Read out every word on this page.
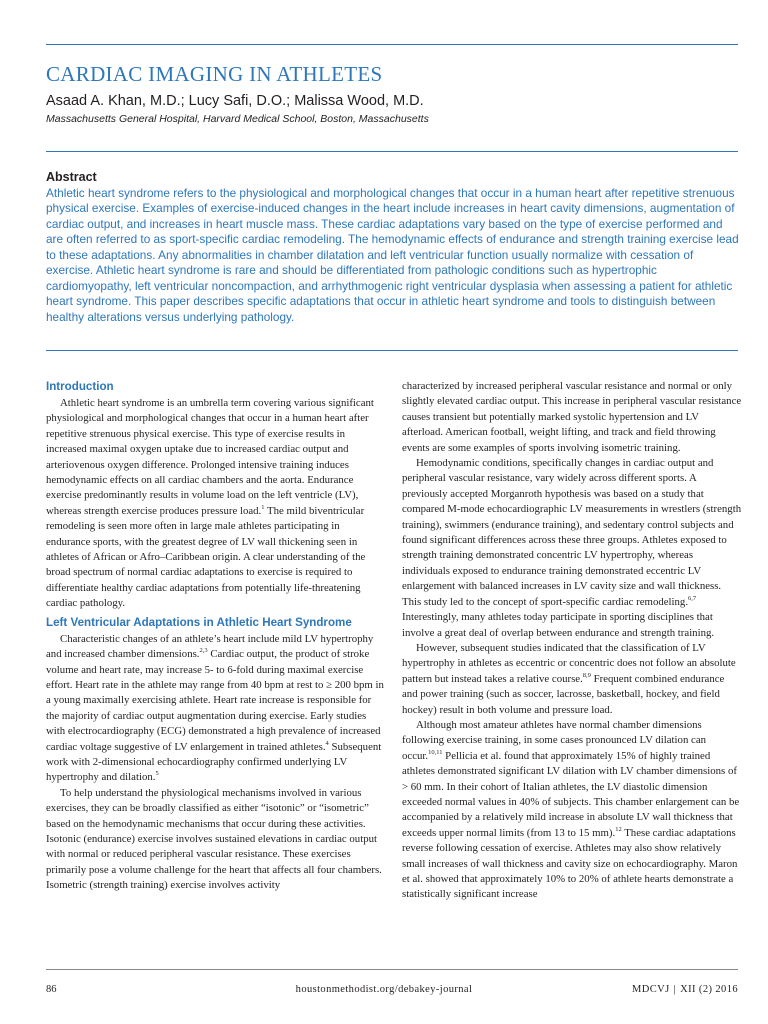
CARDIAC IMAGING IN ATHLETES
Asaad A. Khan, M.D.; Lucy Safi, D.O.; Malissa Wood, M.D.
Massachusetts General Hospital, Harvard Medical School, Boston, Massachusetts
Abstract

Athletic heart syndrome refers to the physiological and morphological changes that occur in a human heart after repetitive strenuous physical exercise. Examples of exercise-induced changes in the heart include increases in heart cavity dimensions, augmentation of cardiac output, and increases in heart muscle mass. These cardiac adaptations vary based on the type of exercise performed and are often referred to as sport-specific cardiac remodeling. The hemodynamic effects of endurance and strength training exercise lead to these adaptations. Any abnormalities in chamber dilatation and left ventricular function usually normalize with cessation of exercise. Athletic heart syndrome is rare and should be differentiated from pathologic conditions such as hypertrophic cardiomyopathy, left ventricular noncompaction, and arrhythmogenic right ventricular dysplasia when assessing a patient for athletic heart syndrome. This paper describes specific adaptations that occur in athletic heart syndrome and tools to distinguish between healthy alterations versus underlying pathology.

Introduction

Athletic heart syndrome is an umbrella term covering various significant physiological and morphological changes that occur in a human heart after repetitive strenuous physical exercise. This type of exercise results in increased maximal oxygen uptake due to increased cardiac output and arteriovenous oxygen difference. Prolonged intensive training induces hemodynamic effects on all cardiac chambers and the aorta. Endurance exercise predominantly results in volume load on the left ventricle (LV), whereas strength exercise produces pressure load.$^1$ The mild biventricular remodeling is seen more often in large male athletes participating in endurance sports, with the greatest degree of LV wall thickening seen in athletes of African or Afro–Caribbean origin. A clear understanding of the broad spectrum of normal cardiac adaptations to exercise is required to differentiate healthy cardiac adaptations from potentially life-threatening cardiac pathology.

Left Ventricular Adaptations in Athletic Heart Syndrome

Characteristic changes of an athlete’s heart include mild LV hypertrophy and increased chamber dimensions.$^{2,3}$ Cardiac output, the product of stroke volume and heart rate, may increase 5- to 6-fold during maximal exercise effort. Heart rate in the athlete may range from 40 bpm at rest to ≥ 200 bpm in a young maximally exercising athlete. Heart rate increase is responsible for the majority of cardiac output augmentation during exercise. Early studies with electrocardiography (ECG) demonstrated a high prevalence of increased cardiac voltage suggestive of LV enlargement in trained athletes.$^4$ Subsequent work with 2-dimensional echocardiography confirmed underlying LV hypertrophy and dilation.$^5$

To help understand the physiological mechanisms involved in various exercises, they can be broadly classified as either “isotonic” or “isometric” based on the hemodynamic mechanisms that occur during these activities. Isotonic (endurance) exercise involves sustained elevations in cardiac output with normal or reduced peripheral vascular resistance. These exercises primarily pose a volume challenge for the heart that affects all four chambers. Isometric (strength training) exercise involves activity

characterized by increased peripheral vascular resistance and normal or only slightly elevated cardiac output. This increase in peripheral vascular resistance causes transient but potentially marked systolic hypertension and LV afterload. American football, weight lifting, and track and field throwing events are some examples of sports involving isometric training.

Hemodynamic conditions, specifically changes in cardiac output and peripheral vascular resistance, vary widely across different sports. A previously accepted Morganroth hypothesis was based on a study that compared M-mode echocardiographic LV measurements in wrestlers (strength training), swimmers (endurance training), and sedentary control subjects and found significant differences across these three groups. Athletes exposed to strength training demonstrated concentric LV hypertrophy, whereas individuals exposed to endurance training demonstrated eccentric LV enlargement with balanced increases in LV cavity size and wall thickness. This study led to the concept of sport-specific cardiac remodeling.$^{6,7}$ Interestingly, many athletes today participate in sporting disciplines that involve a great deal of overlap between endurance and strength training.

However, subsequent studies indicated that the classification of LV hypertrophy in athletes as eccentric or concentric does not follow an absolute pattern but instead takes a relative course.$^{8,9}$ Frequent combined endurance and power training (such as soccer, lacrosse, basketball, hockey, and field hockey) result in both volume and pressure load.

Although most amateur athletes have normal chamber dimensions following exercise training, in some cases pronounced LV dilation can occur.$^{10,11}$ Pellicia et al. found that approximately 15% of highly trained athletes demonstrated significant LV dilation with LV chamber dimensions of > 60 mm. In their cohort of Italian athletes, the LV diastolic dimension exceeded normal values in 40% of subjects. This chamber enlargement can be accompanied by a relatively mild increase in absolute LV wall thickness that exceeds upper normal limits (from 13 to 15 mm).$^{12}$ These cardiac adaptations reverse following cessation of exercise. Athletes may also show relatively small increases of wall thickness and cavity size on echocardiography. Maron et al. showed that approximately 10% to 20% of athlete hearts demonstrate a statistically significant increase

86	houstonmethodist.org/debakey-journal	MDCVJ | XII (2) 2016
